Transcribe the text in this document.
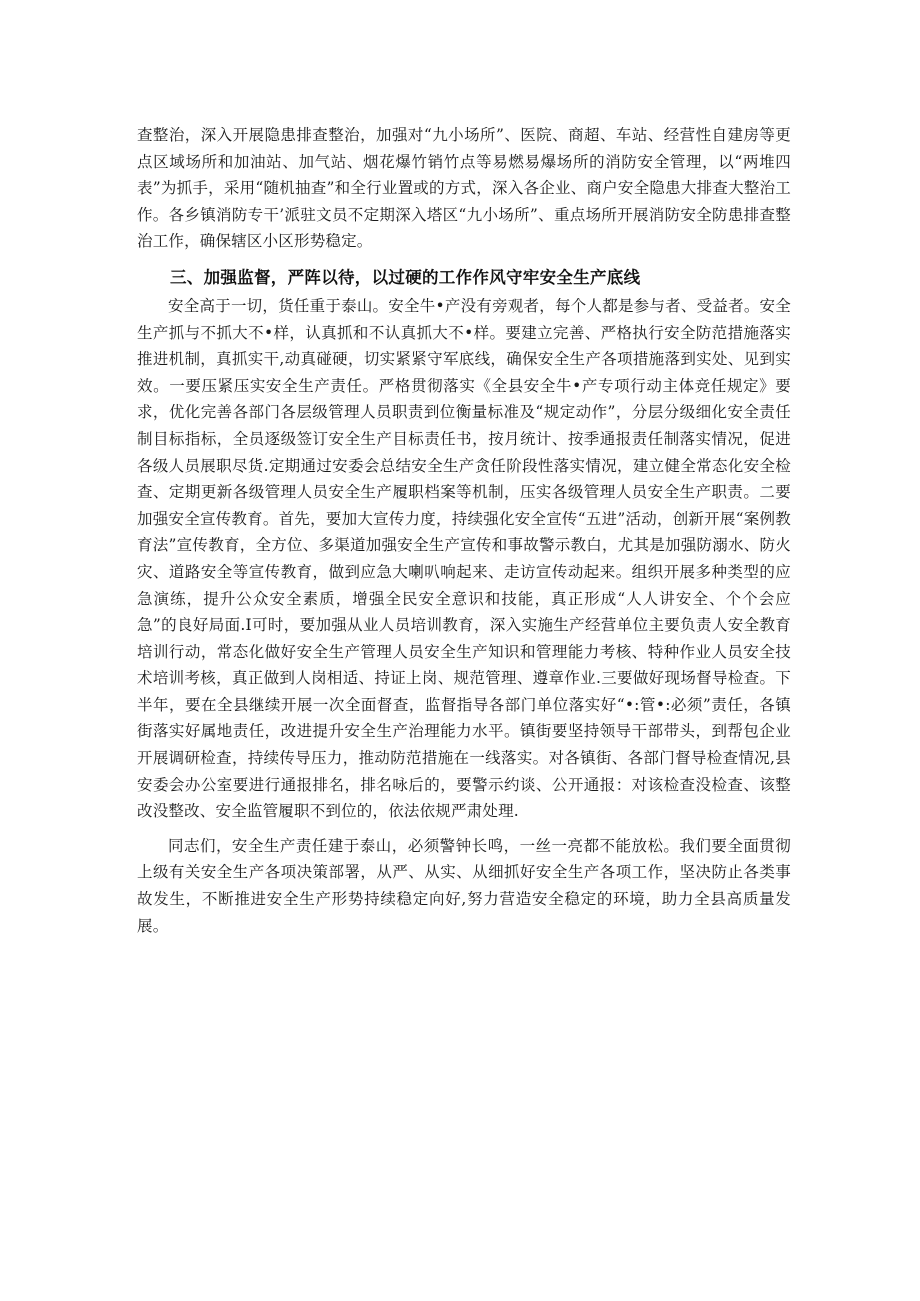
查整治，深入开展隐患排查整治，加强对“九小场所”、医院、商超、车站、经营性自建房等更点区域场所和加油站、加气站、烟花爆竹销竹点等易燃易爆场所的消防安全管理，以“两堆四表”为抓手，采用“随机抽查”和全行业置或的方式，深入各企业、商户安全隐患大排查大整治工作。各乡镇消防专干’派驻文员不定期深入塔区“九小场所”、重点场所开展消防安全防患排查整治工作，确保辖区小区形势稳定。

三、加强监督，严阵以待，以过硬的工作作风守牢安全生产底线

安全高于一切，货任重于泰山。安全牛•产没有旁观者，每个人都是参与者、受益者。安全生产抓与不抓大不•样，认真抓和不认真抓大不•样。要建立完善、严格执行安全防范措施落实推进机制，真抓实干,动真碰硬，切实紧紧守军底线，确保安全生产各项措施落到实处、见到实效。一要压紧压实安全生产责任。严格贯彻落实《全县安全牛•产专项行动主体竞任规定》要求，优化完善各部门各层级管理人员职责到位衡量标准及“规定动作”，分层分级细化安全责任制目标指标，全员逐级签订安全生产目标责任书，按月统计、按季通报责任制落实情况，促进各级人员展职尽货.定期通过安委会总结安全生产贪任阶段性落实情况，建立健全常态化安全检查、定期更新各级管理人员安全生产履职档案等机制，压实各级管理人员安全生产职责。二要加强安全宣传教育。首先，要加大宣传力度，持续强化安全宣传“五进”活动，创新开展“案例教育法”宣传教育，全方位、多渠道加强安全生产宣传和事故警示教白，尤其是加强防溺水、防火灾、道路安全等宣传教育，做到应急大喇叭响起来、走访宣传动起来。组织开展多种类型的应急演练，提升公众安全素质，增强全民安全意识和技能，真正形成“人人讲安全、个个会应急”的良好局面.I可时，要加强从业人员培训教育，深入实施生产经营单位主要负责人安全教育培训行动，常态化做好安全生产管理人员安全生产知识和管理能力考核、特种作业人员安全技术培训考核，真正做到人岗相适、持证上岗、规范管理、遵章作业.三要做好现场督导检查。下半年，要在全县继续开展一次全面督查，监督指导各部门单位落实好“•:管•:必须”责任，各镇街落实好属地责任，改进提升安全生产治理能力水平。镇街要坚持领导干部带头，到帮包企业开展调研检查，持续传导压力，推动防范措施在一线落实。对各镇街、各部门督导检查情况,县安委会办公室要进行通报排名，排名咏后的，要警示约谈、公开通报：对该检查没检查、该整改没整改、安全监管履职不到位的，依法依规严肃处理.

同志们，安全生产责任建于泰山，必须警钟长鸣，一丝一亮都不能放松。我们要全面贯彻上级有关安全生产各项决策部署，从严、从实、从细抓好安全生产各项工作，坚决防止各类事故发生，不断推进安全生产形势持续稳定向好,努力营造安全稳定的环境，助力全县高质量发展。
